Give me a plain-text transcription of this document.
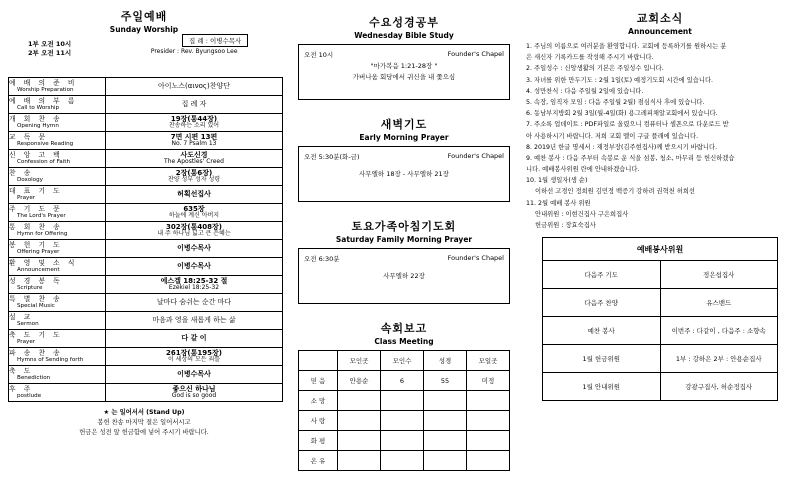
주일예배
Sunday Worship
1부 오전 10시
2부 오전 11시
집 례 : 이병수목사
Presider : Rev. Byungsoo Lee
예 배 의 준 비
Worship Preparation	아이노스(αινος)찬양단

예 배 의 부 름
Call to Worship	집 례 자

개 회 찬 송
Opening Hymn	19장(통44장)
찬송하는 소리 있어

교 독 문
Responsive Reading	7면 시편 13편
No. 7 Psalm 13

신 앙 고 백
Confession of Faith	사도신경
The Apostles' Creed

찬 송
Doxology	2장(통6장)
찬양 성부 성자 성령

대 표 기 도
Prayer	허획선집사

주 기 도 문
The Lord's Prayer	635장
하늘에 계신 아버지

통 회 찬 송
Hymn for Offering	302장(통408장)
내 주 하나님 넓고 큰 은혜는

봉 헌 기 도
Offering Prayer	이병수목사

환 영 및 소 식
Announcement	이병수목사

성 경 봉 독
Scripture	에스겔 18:25-32 절
Ezekiel 18:25-32

특 별 찬 송
Special Music	날마다 숨쉬는 순간 마다

설 교
Sermon	마음과 영을 새롭게 하는 삶

축 도 기 도
Prayer	다 같 이

파 송 찬 송
Hymns of Sending forth	261장(통195장)
이 세상의 모든 죄를

축 도
Benediction	이병수목사

후 주
postlude	좋으신 하나님
God is so good
★ 는 일어서서 (Stand Up)
봉헌 찬송 마지막 절은 일어서시고
헌금은 성전 앞 헌금함에 넣어 주시기 바랍니다.
수요성경공부
Wednesday Bible Study
오전 10시	Founder's Chapel
"마가복음 1:21-28장 "
가버나움 회당에서 귀신을 내 쫓으심
새벽기도
Early Morning Prayer
오전 5:30분(화-금)	Founder's Chapel
사무엘하 18장 - 사무엘하 21장
토요가족아침기도회
Saturday Family Morning Prayer
오전 6:30분	Founder's Chapel
사무엘하 22장
속회보고
Class Meeting
	모인곳	모인수	성경	모일곳
믿 음	안용순	6	55	미정
소 망				
사 랑				
화 평				
온 유				
교회소식
Announcement
1. 주님의 이름으로 여러분을 환영합니다. 교회에 등록하기를 원하시는 분
은 새신자 기록카드를 작성해 주시기 바랍니다.
2. 주일성수 : 신앙생활의 기본은 주일성수 입니다.
3. 자녀를 위한 만두기도 : 2월 1일(토) 예정기도회 시간에 있습니다.
4. 성만찬식 : 다음 주일월 2일에 있습니다.
5. 속장, 임직자 모임 : 다음 주일월 2월) 점심식사 후에 있습니다.
6. 동남부지방회 2월 3일(월-4일(화) 용그레피채알교회에서 있습니다.
7. 주소록 업데이트 : PDF파일로 올렸으니 컴퓨터나 셀폰으로 다운로드 받
아 사용하시기 바랍니다. 저희 교회 멜이 구글 플래에 있습니다.
8. 2019년 한글 명세서 : 재정부장(김주현집사)께 받으시기 바랍니다.
9. 예찬 봉사 : 다음 주부터 속봉로 운 식을 섬봉, 청소, 마무리 등 헌신하겠습
니다. 예배봉사위원 란에 안내하겠습니다.
10. 1월 생일자(생 순)
이하선 고경인 정희원 김민정 백증기 강하려 권혁천 허희선
11. 2월 예배 봉사 위원
안내위원 : 이현건집사 구은희집사
헌금위원 : 장효숙집사
예배봉사위원	
다음주 기도	정은섭집사
다음주 찬양	유스밴드
예찬 봉사	이번주 : 다같이 , 다음주 : 소향속
1월 헌금위원	1부 : 강하은 2부 : 안용순집사
1월 안내위원	강광구집사, 허순정집사
